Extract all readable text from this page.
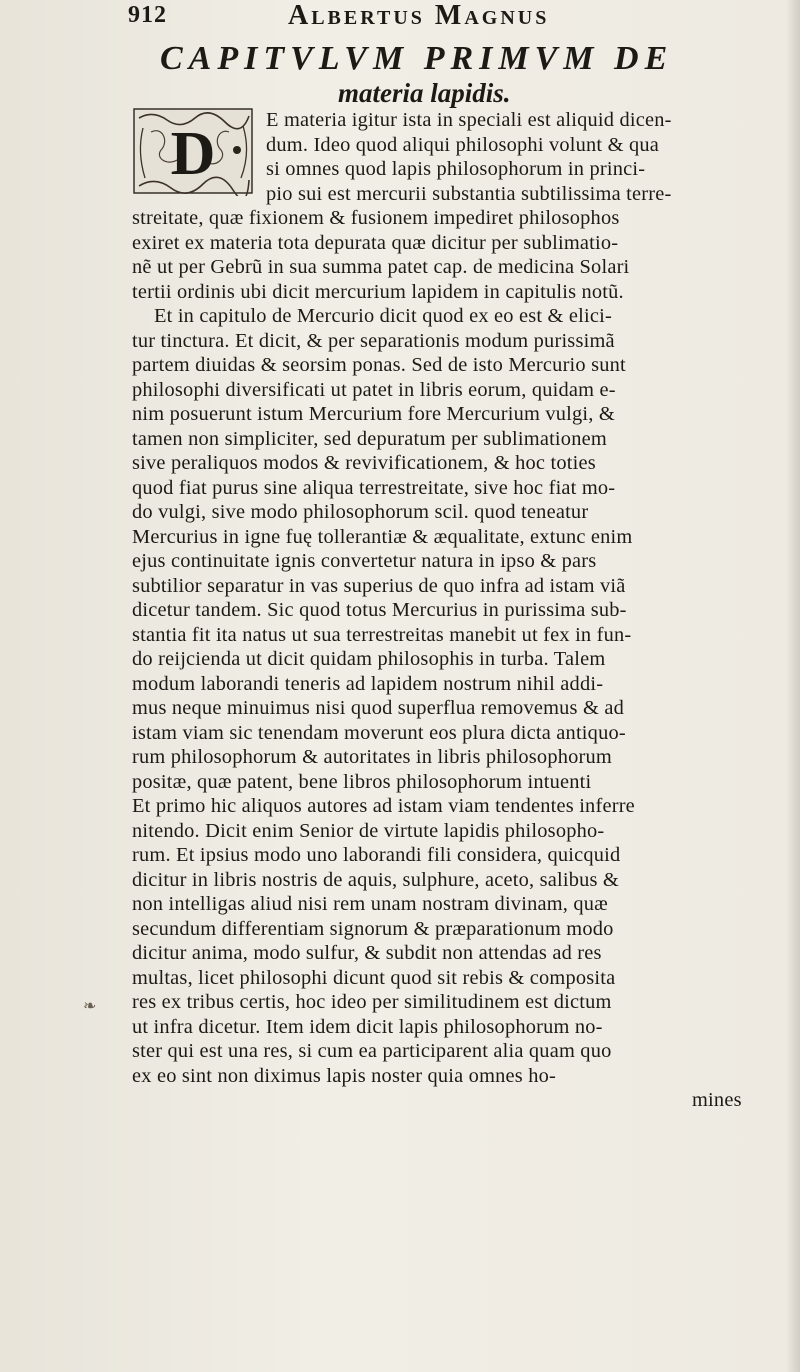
912	Albertus Magnus
CAPITVLVM PRIMVM DE
materia lapidis.
D E materia igitur ista in speciali est aliquid dicen-
dum. Ideo quod aliqui philosophi volunt & qua
si omnes quod lapis philosophorum in princi-
pio sui est mercurii substantia subtilissima terre-
streitate, quæ fixionem & fusionem impediret philosophos
exiret ex materia tota depurata quæ dicitur per sublimatio-
nẽ ut per Gebrũ in sua summa patet cap. de medicina Solari
tertii ordinis ubi dicit mercurium lapidem in capitulis notũ.
Et in capitulo de Mercurio dicit quod ex eo est & elici-
tur tinctura. Et dicit, & per separationis modum purissimã
partem diuidas & seorsim ponas. Sed de isto Mercurio sunt
philosophi diversificati ut patet in libris eorum, quidam e-
nim posuerunt istum Mercurium fore Mercurium vulgi, &
tamen non simpliciter, sed depuratum per sublimationem
sive peraliquos modos & revivificationem, & hoc toties
quod fiat purus sine aliqua terrestreitate, sive hoc fiat mo-
do vulgi, sive modo philosophorum scil. quod teneatur
Mercurius in igne fuę tollerantiæ & æqualitate, extunc enim
ejus continuitate ignis convertetur natura in ipso & pars
subtilior separatur in vas superius de quo infra ad istam viã
dicetur tandem. Sic quod totus Mercurius in purissima sub-
stantia fit ita natus ut sua terrestreitas manebit ut fex in fun-
do reijcienda ut dicit quidam philosophis in turba. Talem
modum laborandi teneris ad lapidem nostrum nihil addi-
mus neque minuimus nisi quod superflua removemus & ad
istam viam sic tenendam moverunt eos plura dicta antiquo-
rum philosophorum & autoritates in libris philosophorum
positæ, quæ patent, bene libros philosophorum intuenti
Et primo hic aliquos autores ad istam viam tendentes inferre
nitendo. Dicit enim Senior de virtute lapidis philosopho-
rum. Et ipsius modo uno laborandi fili considera, quicquid
dicitur in libris nostris de aquis, sulphure, aceto, salibus &
non intelligas aliud nisi rem unam nostram divinam, quæ
secundum differentiam signorum & præparationum modo
dicitur anima, modo sulfur, & subdit non attendas ad res
multas, licet philosophi dicunt quod sit rebis & composita
res ex tribus certis, hoc ideo per similitudinem est dictum
ut infra dicetur. Item idem dicit lapis philosophorum no-
ster qui est una res, si cum ea participarent alia quam quo
ex eo sint non diximus lapis noster quia omnes ho-
mines
❧
